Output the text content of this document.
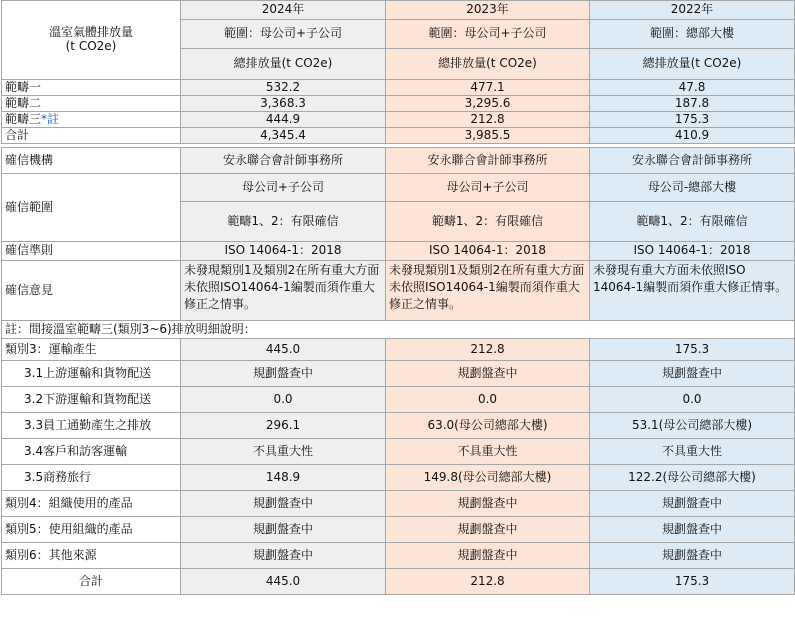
溫室氣體排放量
(t CO2e)	2024年	2023年	2022年
	範圍：母公司+子公司	範圍：母公司+子公司	範圍：總部大樓
	總排放量(t CO2e)	總排放量(t CO2e)	總排放量(t CO2e)
範疇一	532.2	477.1	47.8
範疇二	3,368.3	3,295.6	187.8
範疇三*註	444.9	212.8	175.3
合計	4,345.4	3,985.5	410.9

確信機構	安永聯合會計師事務所	安永聯合會計師事務所	安永聯合會計師事務所
確信範圍	母公司+子公司	母公司+子公司	母公司-總部大樓
	範疇1、2：有限確信	範疇1、2：有限確信	範疇1、2：有限確信
確信準則	ISO 14064-1：2018	ISO 14064-1：2018	ISO 14064-1：2018
確信意見	未發現類別1及類別2在所有重大方面未依照ISO14064-1編製而須作重大修正之情事。	未發現類別1及類別2在所有重大方面未依照ISO14064-1編製而須作重大修正之情事。	未發現有重大方面未依照ISO 14064-1編製而須作重大修正情事。
註：間接溫室範疇三(類別3~6)排放明細說明：			
類別3：運輸產生	445.0	212.8	175.3
3.1上游運輸和貨物配送	規劃盤查中	規劃盤查中	規劃盤查中
3.2下游運輸和貨物配送	0.0	0.0	0.0
3.3員工通勤產生之排放	296.1	63.0(母公司總部大樓)	53.1(母公司總部大樓)
3.4客戶和訪客運輸	不具重大性	不具重大性	不具重大性
3.5商務旅行	148.9	149.8(母公司總部大樓)	122.2(母公司總部大樓)
類別4：組織使用的產品	規劃盤查中	規劃盤查中	規劃盤查中
類別5：使用組織的產品	規劃盤查中	規劃盤查中	規劃盤查中
類別6：其他來源	規劃盤查中	規劃盤查中	規劃盤查中
合計	445.0	212.8	175.3
